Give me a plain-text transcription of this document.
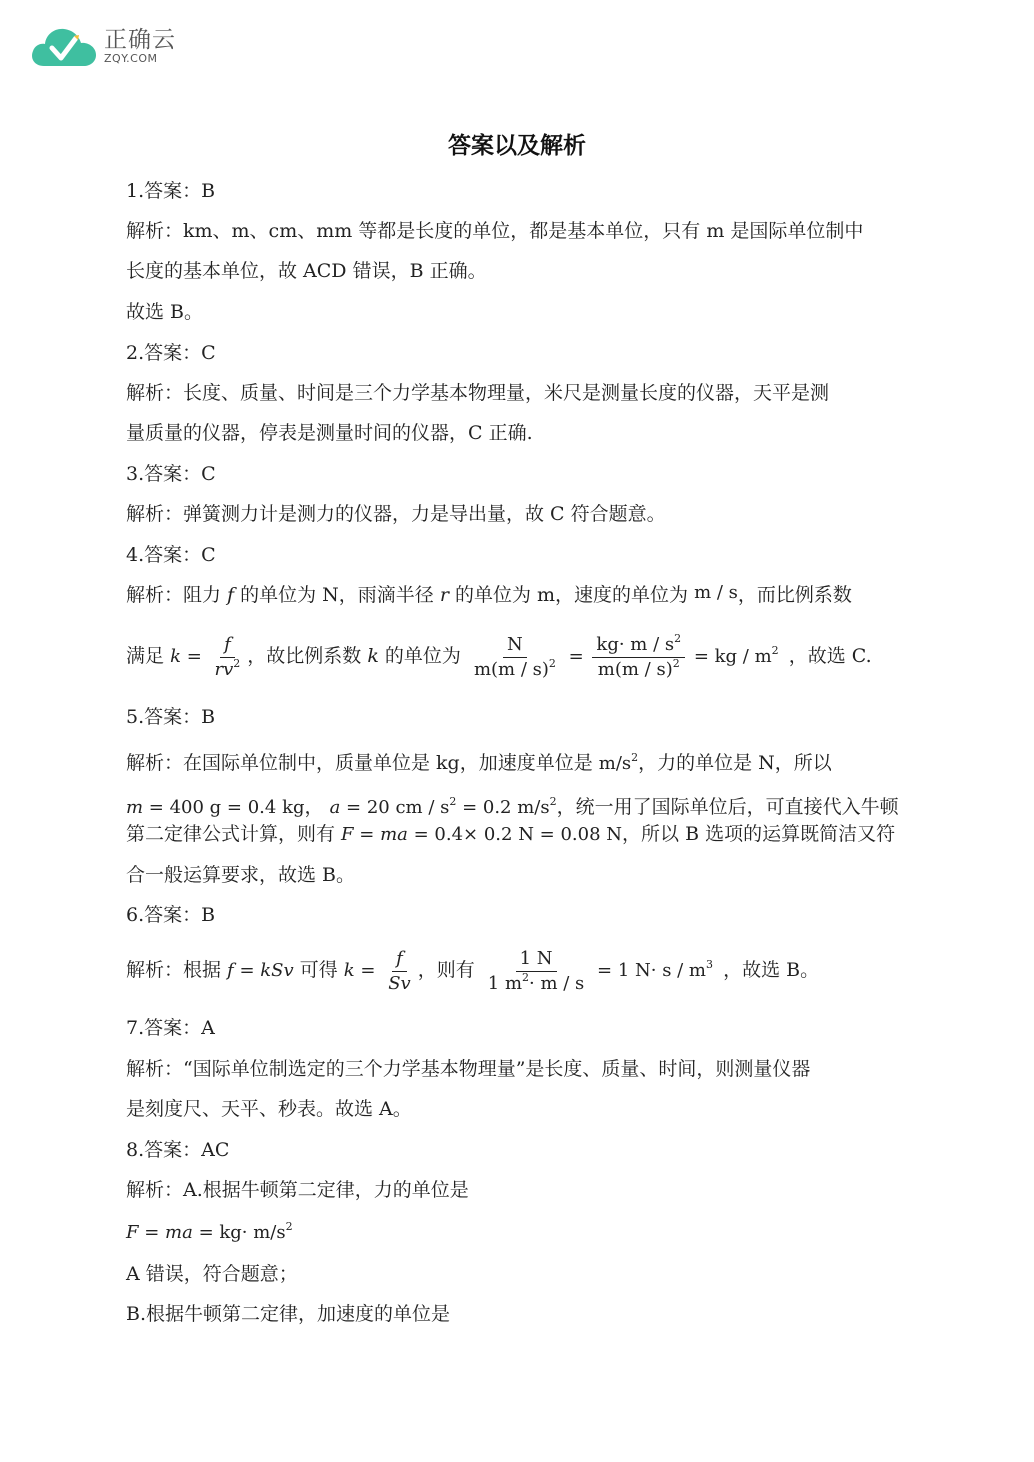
正确云
ZQY.COM
答案以及解析
1.答案：B
解析：km、m、cm、mm 等都是长度的单位，都是基本单位，只有 m 是国际单位制中
长度的基本单位，故 ACD 错误，B 正确。
故选 B。
2.答案：C
解析：长度、质量、时间是三个力学基本物理量，米尺是测量长度的仪器，天平是测
量质量的仪器，停表是测量时间的仪器，C 正确.
3.答案：C
解析：弹簧测力计是测力的仪器，力是导出量，故 C 符合题意。
4.答案：C
解析：阻力 f 的单位为 N，雨滴半径 r 的单位为 m，速度的单位为 m / s，而比例系数
满足 $k = \frac{f}{rv^2}$ ，故比例系数 k 的单位为 $\frac{N}{m(m / s)^2} = \frac{kg\cdot m / s^2}{m(m / s)^2}$ = kg / $m^2$ ，故选 C.
5.答案：B
解析：在国际单位制中，质量单位是 kg，加速度单位是 $m/s^2$，力的单位是 N，所以
m = 400 g = 0.4 kg， a = 20 cm / $s^2 = 0.2$ $m/s^2$，统一用了国际单位后，可直接代入牛顿
第二定律公式计算，则有 F = ma = 0.4× 0.2 N = 0.08 N，所以 B 选项的运算既简洁又符
合一般运算要求，故选 B。
6.答案：B
解析：根据 f = kSv 可得 $k = \frac{f}{Sv}$ ，则有 $\frac{1 N}{1 m^2\cdot m / s} = 1$ $N\cdot s / m^3$ ，故选 B。
7.答案：A
解析：“国际单位制选定的三个力学基本物理量”是长度、质量、时间，则测量仪器
是刻度尺、天平、秒表。故选 A。
8.答案：AC
解析：A.根据牛顿第二定律，力的单位是
F = ma = $kg\cdot m/s^2$
A 错误，符合题意；
B.根据牛顿第二定律，加速度的单位是
